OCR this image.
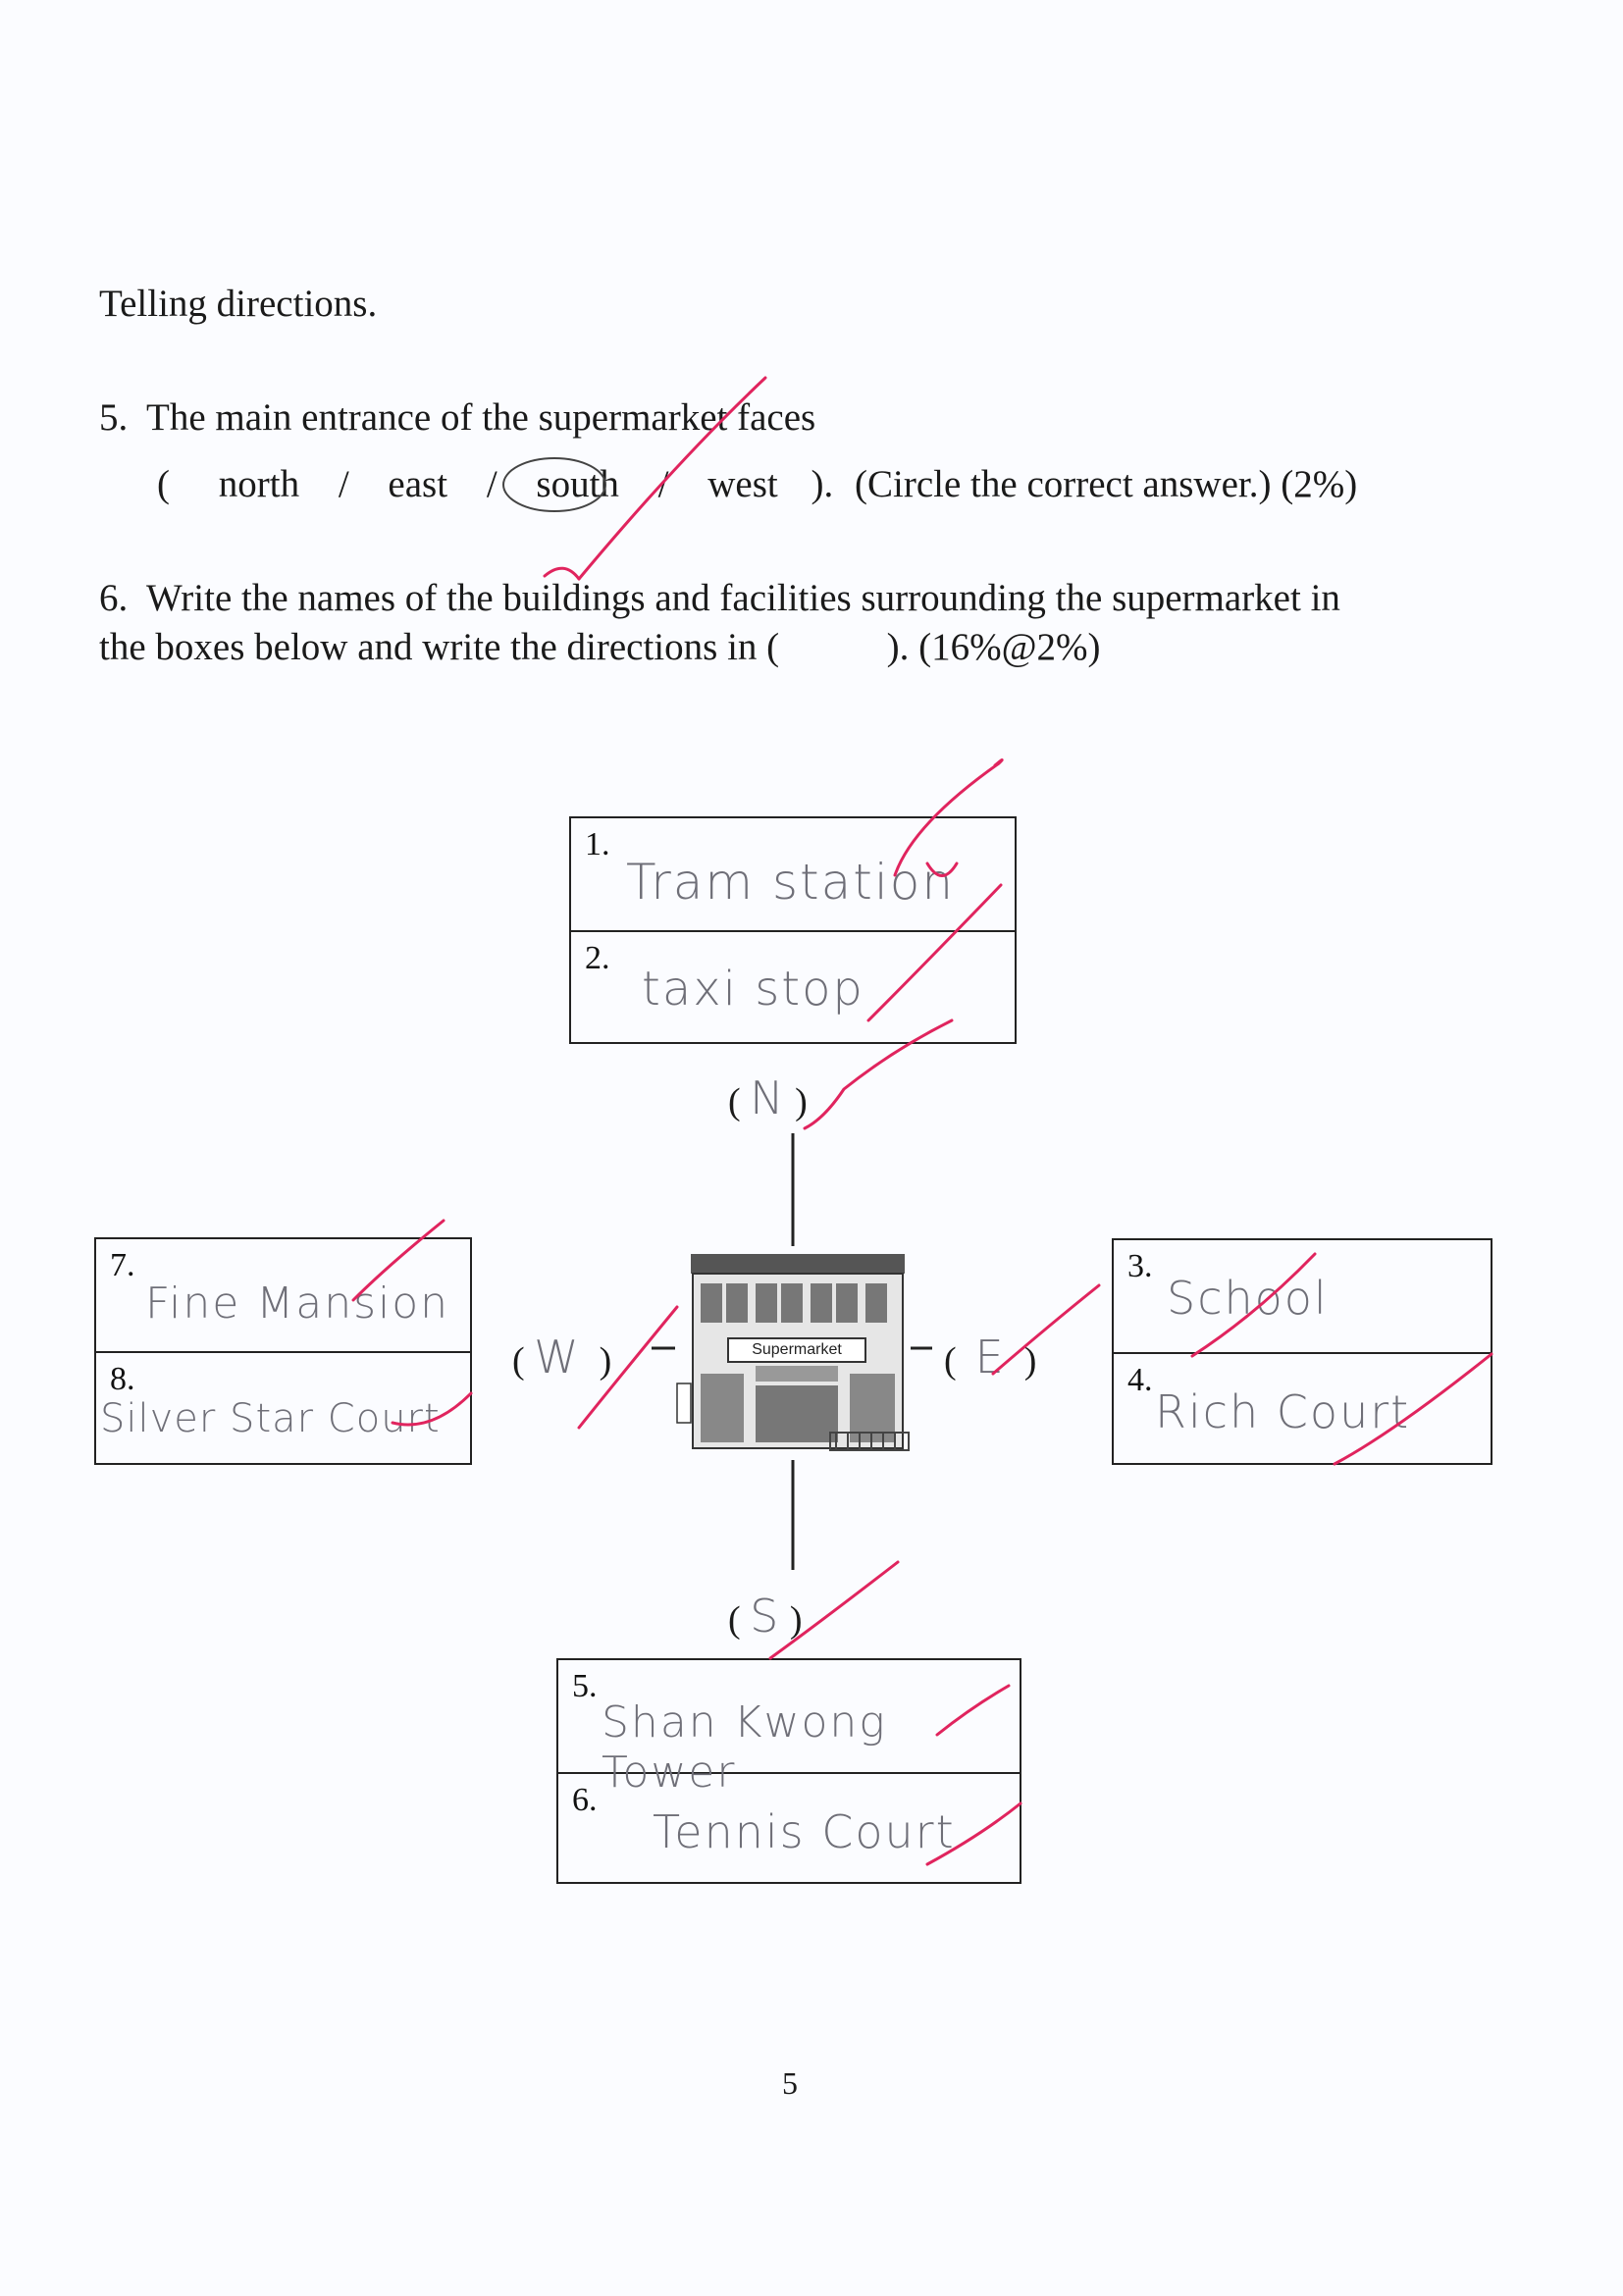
Telling directions.
5. The main entrance of the supermarket faces
( north / east / south / west ). (Circle the correct answer.) (2%)
6. Write the names of the buildings and facilities surrounding the supermarket in
the boxes below and write the directions in (	). (16%@2%)
1.
Tram station
2.
taxi stop
3.
School
4.
Rich Court
5.
Shan Kwong Tower
6.
Tennis Court
7.
Fine Mansion
8.
Silver Star Court
( N )
( W  )	(  E  )
( S )
Supermarket
5
